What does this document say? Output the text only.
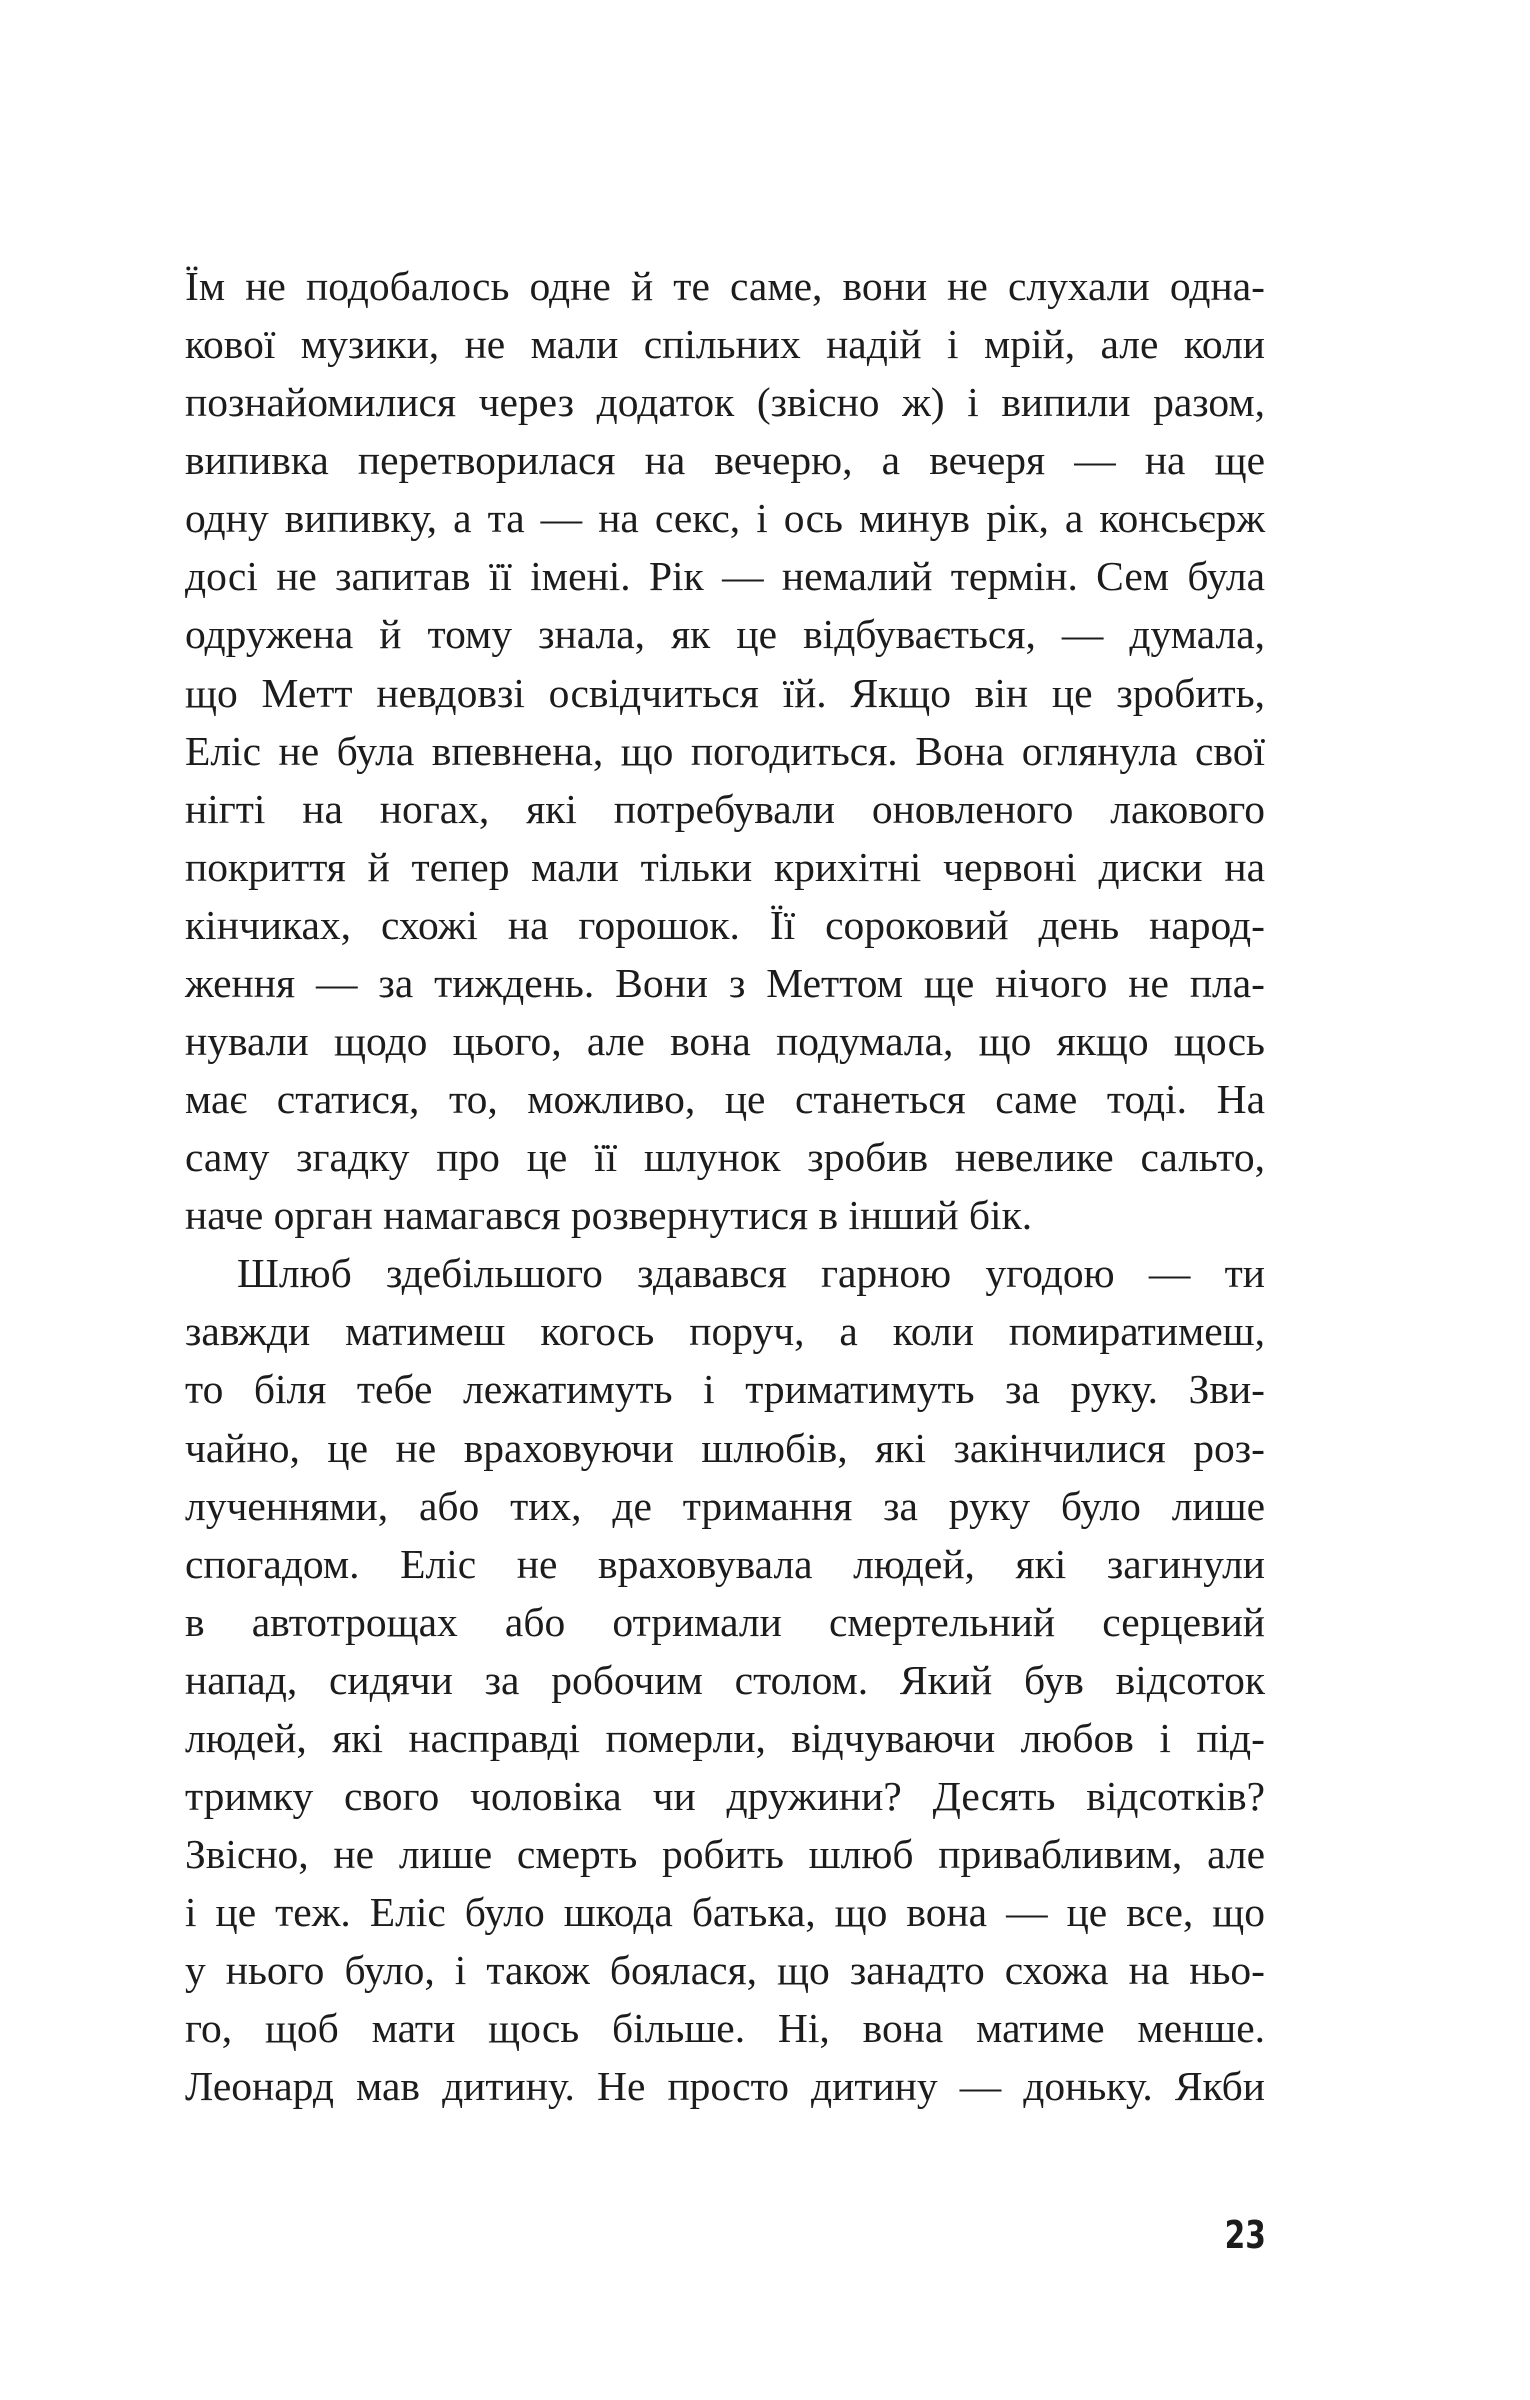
Їм не подобалось одне й те саме, вони не слухали одна-
кової музики, не мали спільних надій і мрій, але коли
познайомилися через додаток (звісно ж) і випили разом,
випивка перетворилася на вечерю, а вечеря — на ще
одну випивку, а та — на секс, і ось минув рік, а консьєрж
досі не запитав її імені. Рік — немалий термін. Сем була
одружена й тому знала, як це відбувається, — думала,
що Метт невдовзі освідчиться їй. Якщо він це зробить,
Еліс не була впевнена, що погодиться. Вона оглянула свої
нігті на ногах, які потребували оновленого лакового
покриття й тепер мали тільки крихітні червоні диски на
кінчиках, схожі на горошок. Її сороковий день народ-
ження — за тиждень. Вони з Меттом ще нічого не пла-
нували щодо цього, але вона подумала, що якщо щось
має статися, то, можливо, це станеться саме тоді. На
саму згадку про це її шлунок зробив невелике сальто,
наче орган намагався розвернутися в інший бік.
Шлюб здебільшого здавався гарною угодою — ти
завжди матимеш когось поруч, а коли помиратимеш,
то біля тебе лежатимуть і триматимуть за руку. Зви-
чайно, це не враховуючи шлюбів, які закінчилися роз-
лученнями, або тих, де тримання за руку було лише
спогадом. Еліс не враховувала людей, які загинули
в автотрощах або отримали смертельний серцевий
напад, сидячи за робочим столом. Який був відсоток
людей, які насправді померли, відчуваючи любов і під-
тримку свого чоловіка чи дружини? Десять відсотків?
Звісно, не лише смерть робить шлюб привабливим, але
і це теж. Еліс було шкода батька, що вона — це все, що
у нього було, і також боялася, що занадто схожа на ньо-
го, щоб мати щось більше. Ні, вона матиме менше.
Леонард мав дитину. Не просто дитину — доньку. Якби
23
